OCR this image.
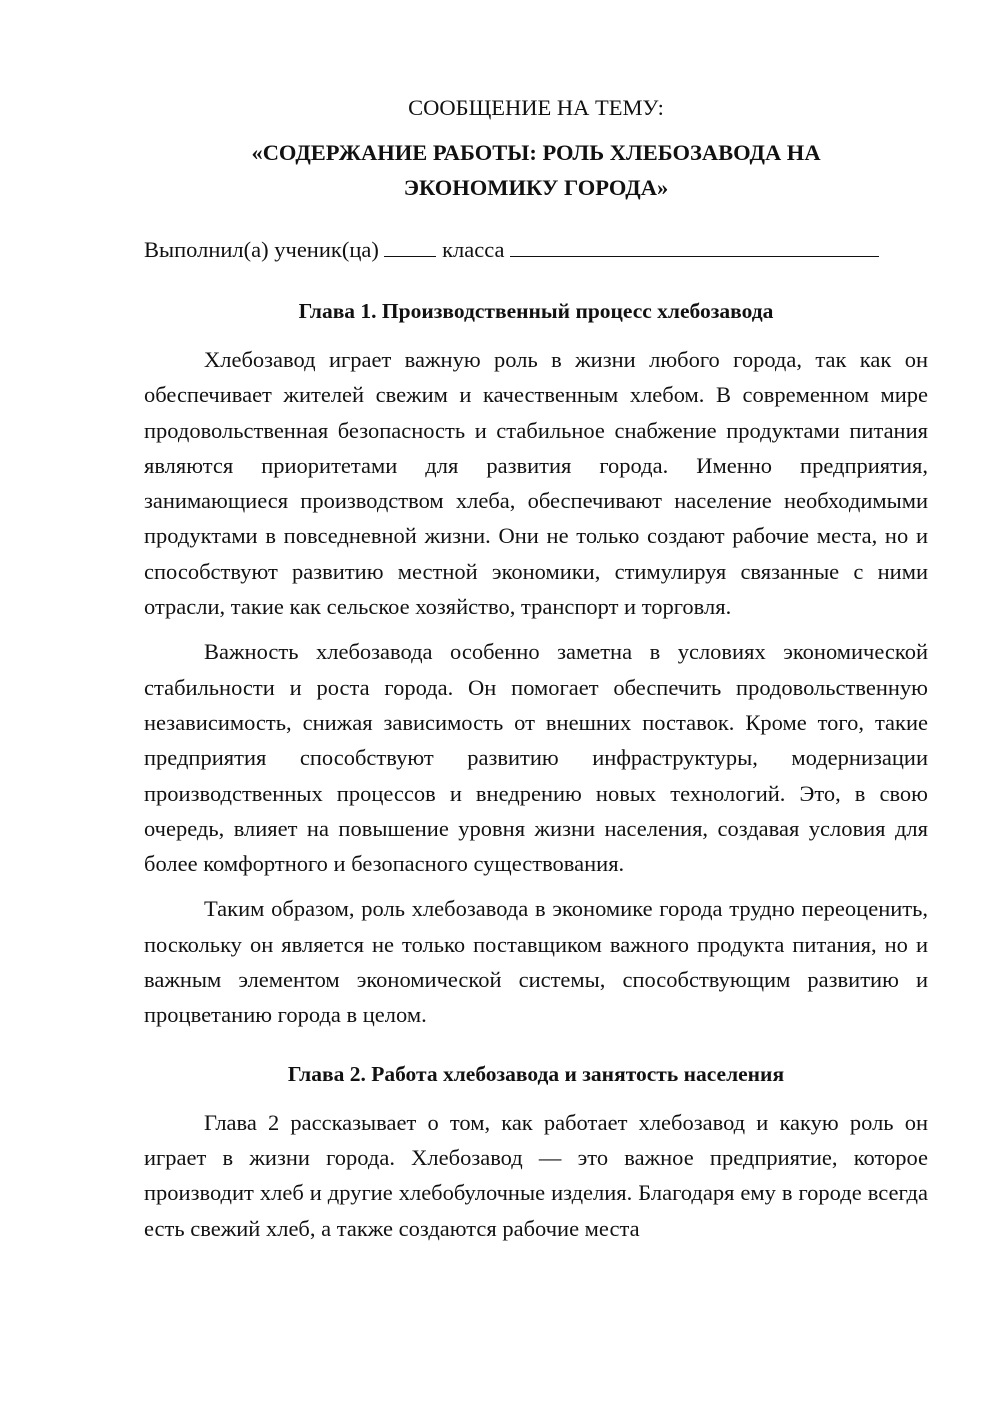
СООБЩЕНИЕ НА ТЕМУ:

«СОДЕРЖАНИЕ РАБОТЫ: РОЛЬ ХЛЕБОЗАВОДА НА

ЭКОНОМИКУ ГОРОДА»

Выполнил(а) ученик(ца)	класса

Глава 1. Производственный процесс хлебозавода

Хлебозавод играет важную роль в жизни любого города, так как он обеспечивает жителей свежим и качественным хлебом. В современном мире продовольственная безопасность и стабильное снабжение продуктами питания являются приоритетами для развития города. Именно предприятия, занимающиеся производством хлеба, обеспечивают население необходимыми продуктами в повседневной жизни. Они не только создают рабочие места, но и способствуют развитию местной экономики, стимулируя связанные с ними отрасли, такие как сельское хозяйство, транспорт и торговля.

Важность хлебозавода особенно заметна в условиях экономической стабильности и роста города. Он помогает обеспечить продовольственную независимость, снижая зависимость от внешних поставок. Кроме того, такие предприятия способствуют развитию инфраструктуры, модернизации производственных процессов и внедрению новых технологий. Это, в свою очередь, влияет на повышение уровня жизни населения, создавая условия для более комфортного и безопасного существования.

Таким образом, роль хлебозавода в экономике города трудно переоценить, поскольку он является не только поставщиком важного продукта питания, но и важным элементом экономической системы, способствующим развитию и процветанию города в целом.

Глава 2. Работа хлебозавода и занятость населения

Глава 2 рассказывает о том, как работает хлебозавод и какую роль он играет в жизни города. Хлебозавод — это важное предприятие, которое производит хлеб и другие хлебобулочные изделия. Благодаря ему в городе всегда есть свежий хлеб, а также создаются рабочие места
